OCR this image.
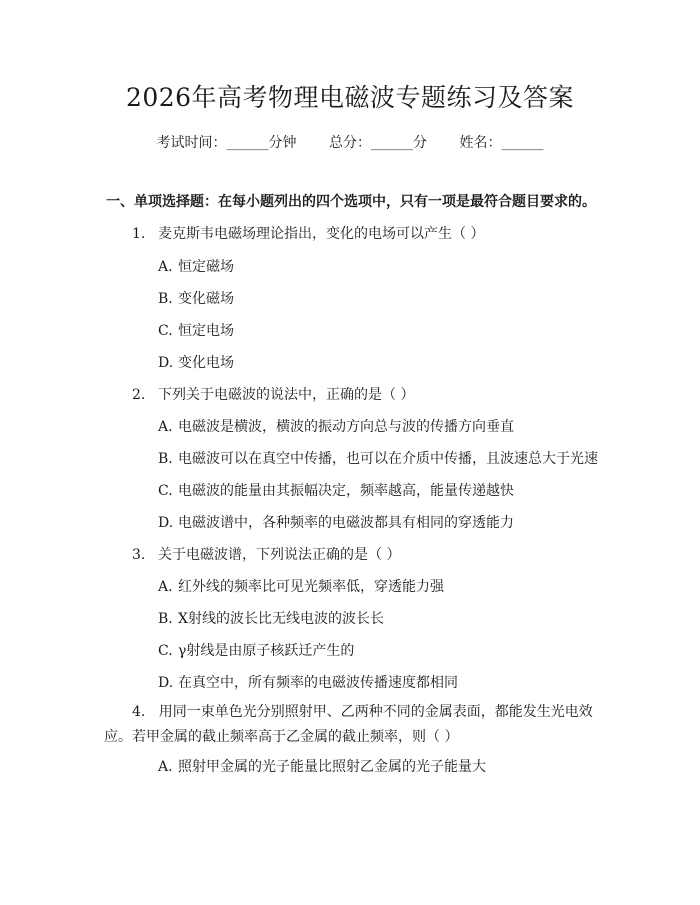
2026年高考物理电磁波专题练习及答案
考试时间：______分钟 总分：______分 姓名：______
一、单项选择题：在每小题列出的四个选项中，只有一项是最符合题目要求的。
1. 麦克斯韦电磁场理论指出，变化的电场可以产生（ ）
A. 恒定磁场
B. 变化磁场
C. 恒定电场
D. 变化电场
2. 下列关于电磁波的说法中，正确的是（ ）
A. 电磁波是横波，横波的振动方向总与波的传播方向垂直
B. 电磁波可以在真空中传播，也可以在介质中传播，且波速总大于光速
C. 电磁波的能量由其振幅决定，频率越高，能量传递越快
D. 电磁波谱中，各种频率的电磁波都具有相同的穿透能力
3. 关于电磁波谱，下列说法正确的是（ ）
A. 红外线的频率比可见光频率低，穿透能力强
B. X射线的波长比无线电波的波长长
C. γ射线是由原子核跃迁产生的
D. 在真空中，所有频率的电磁波传播速度都相同
4. 用同一束单色光分别照射甲、乙两种不同的金属表面，都能发生光电效应。若甲金属的截止频率高于乙金属的截止频率，则（ ）
A. 照射甲金属的光子能量比照射乙金属的光子能量大
